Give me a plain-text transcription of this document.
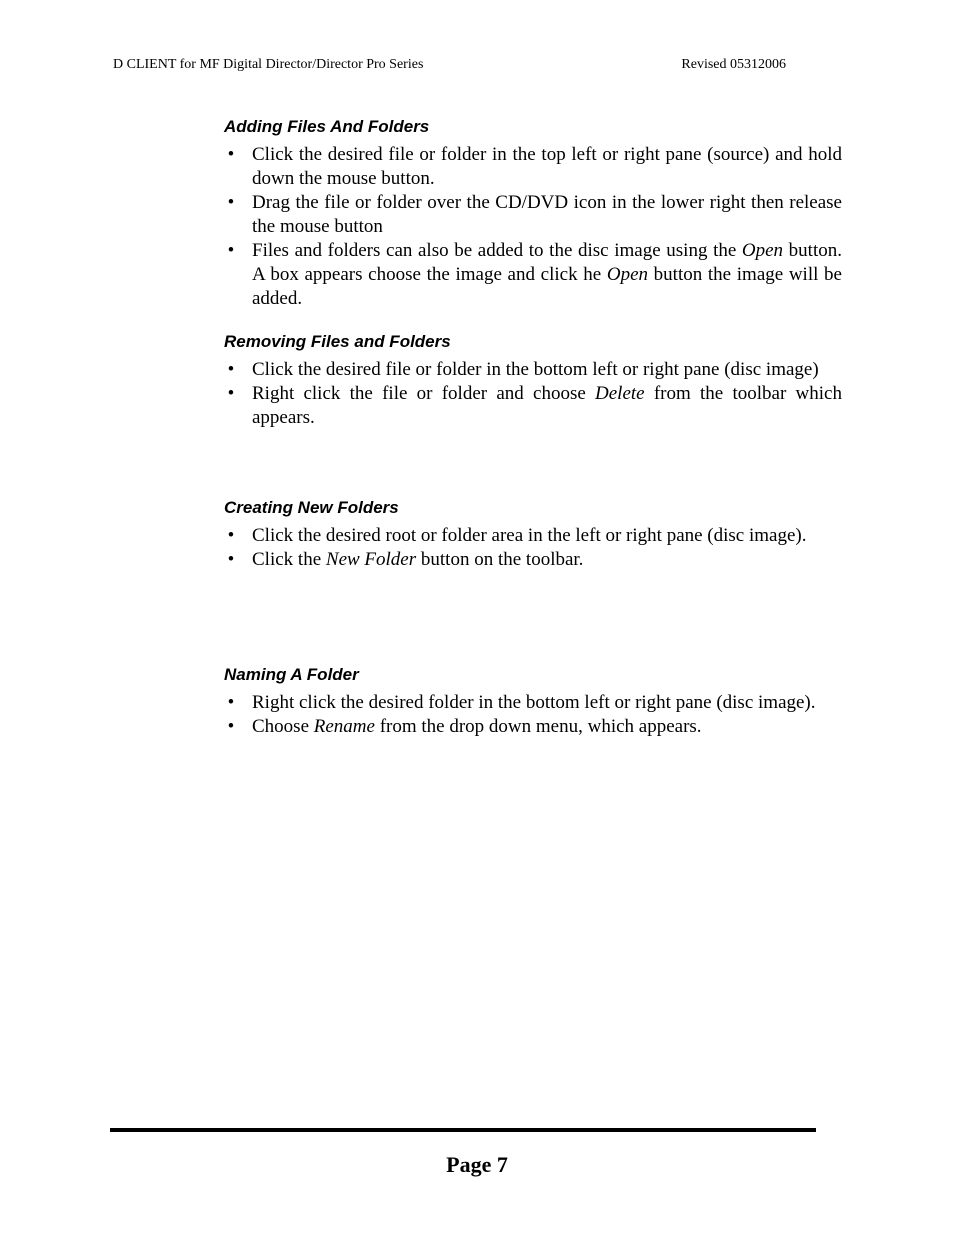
D CLIENT for MF Digital Director/Director Pro Series	Revised 05312006
Adding Files And Folders
• Click the desired file or folder in the top left or right pane (source) and hold down the mouse button.
• Drag the file or folder over the CD/DVD icon in the lower right then release the mouse button
• Files and folders can also be added to the disc image using the Open button. A box appears choose the image and click he Open button the image will be added.
Removing Files and Folders
• Click the desired file or folder in the bottom left or right pane (disc image)
• Right click the file or folder and choose Delete from the toolbar which appears.
Creating New Folders
• Click the desired root or folder area in the left or right pane (disc image).
• Click the New Folder button on the toolbar.
Naming A Folder
• Right click the desired folder in the bottom left or right pane (disc image).
• Choose Rename from the drop down menu, which appears.
Page 7
